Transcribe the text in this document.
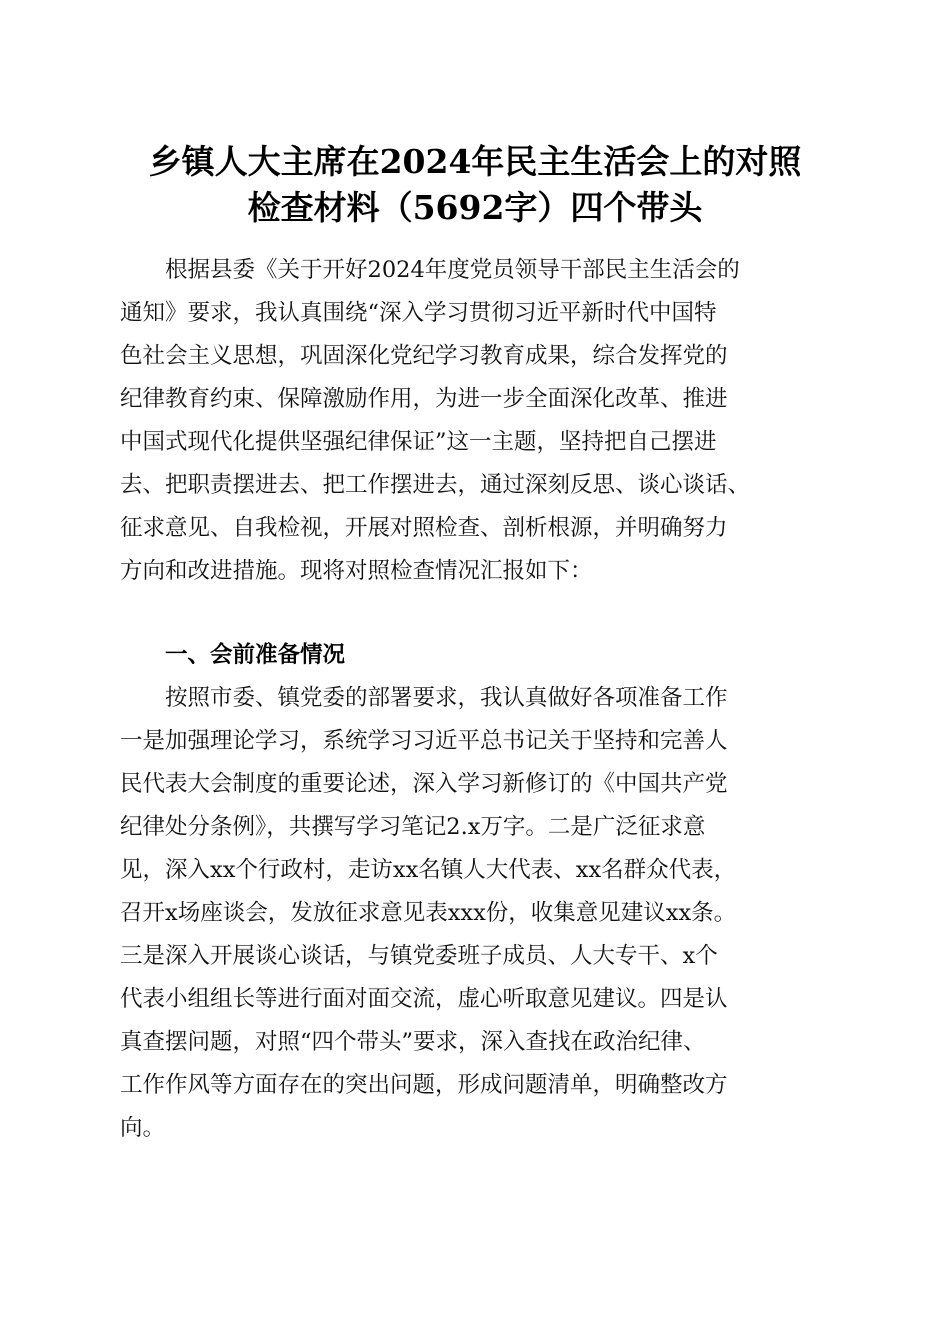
乡镇人大主席在2024年民主生活会上的对照
检查材料（5692字）四个带头
　　根据县委《关于开好2024年度党员领导干部民主生活会的
通知》要求，我认真围绕“深入学习贯彻习近平新时代中国特
色社会主义思想，巩固深化党纪学习教育成果，综合发挥党的
纪律教育约束、保障激励作用，为进一步全面深化改革、推进
中国式现代化提供坚强纪律保证”这一主题，坚持把自己摆进
去、把职责摆进去、把工作摆进去，通过深刻反思、谈心谈话、
征求意见、自我检视，开展对照检查、剖析根源，并明确努力
方向和改进措施。现将对照检查情况汇报如下：
一、会前准备情况
　　按照市委、镇党委的部署要求，我认真做好各项准备工作
一是加强理论学习，系统学习习近平总书记关于坚持和完善人
民代表大会制度的重要论述，深入学习新修订的《中国共产党
纪律处分条例》，共撰写学习笔记2.x万字。二是广泛征求意
见，深入xx个行政村，走访xx名镇人大代表、xx名群众代表，
召开x场座谈会，发放征求意见表xxx份，收集意见建议xx条。
三是深入开展谈心谈话，与镇党委班子成员、人大专干、x个
代表小组组长等进行面对面交流，虚心听取意见建议。四是认
真查摆问题，对照“四个带头”要求，深入查找在政治纪律、
工作作风等方面存在的突出问题，形成问题清单，明确整改方
向。
